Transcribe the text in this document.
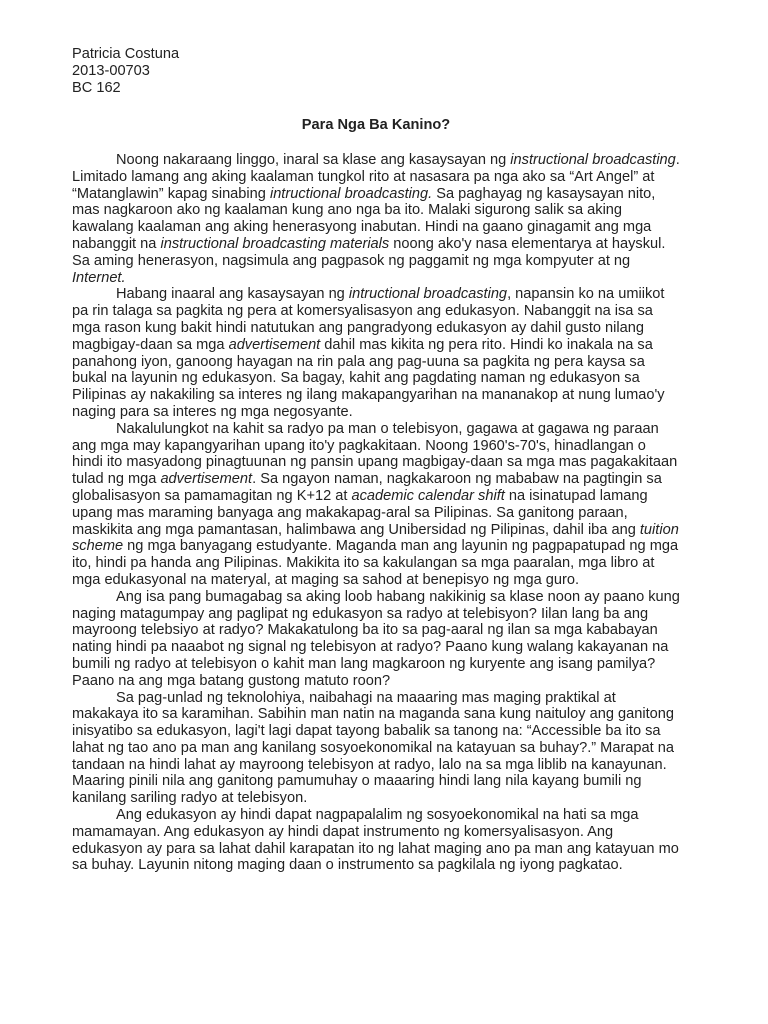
Patricia Costuna

2013-00703

BC 162

Para Nga Ba Kanino?

Noong nakaraang linggo, inaral sa klase ang kasaysayan ng instructional broadcasting. Limitado lamang ang aking kaalaman tungkol rito at nasasara pa nga ako sa “Art Angel” at “Matanglawin” kapag sinabing intructional broadcasting. Sa paghayag ng kasaysayan nito, mas nagkaroon ako ng kaalaman kung ano nga ba ito. Malaki sigurong salik sa aking kawalang kaalaman ang aking henerasyong inabutan. Hindi na gaano ginagamit ang mga nabanggit na instructional broadcasting materials noong ako'y nasa elementarya at hayskul. Sa aming henerasyon, nagsimula ang pagpasok ng paggamit ng mga kompyuter at ng Internet.

Habang inaaral ang kasaysayan ng intructional broadcasting, napansin ko na umiikot pa rin talaga sa pagkita ng pera at komersyalisasyon ang edukasyon. Nabanggit na isa sa mga rason kung bakit hindi natutukan ang pangradyong edukasyon ay dahil gusto nilang magbigay-daan sa mga advertisement dahil mas kikita ng pera rito. Hindi ko inakala na sa panahong iyon, ganoong hayagan na rin pala ang pag-uuna sa pagkita ng pera kaysa sa bukal na layunin ng edukasyon. Sa bagay, kahit ang pagdating naman ng edukasyon sa Pilipinas ay nakakiling sa interes ng ilang makapangyarihan na mananakop at nung lumao'y naging para sa interes ng mga negosyante.

Nakalulungkot na kahit sa radyo pa man o telebisyon, gagawa at gagawa ng paraan ang mga may kapangyarihan upang ito'y pagkakitaan. Noong 1960's-70's, hinadlangan o hindi ito masyadong pinagtuunan ng pansin upang magbigay-daan sa mga mas pagakakitaan tulad ng mga advertisement. Sa ngayon naman, nagkakaroon ng mababaw na pagtingin sa globalisasyon sa pamamagitan ng K+12 at academic calendar shift na isinatupad lamang upang mas maraming banyaga ang makakapag-aral sa Pilipinas. Sa ganitong paraan, maskikita ang mga pamantasan, halimbawa ang Unibersidad ng Pilipinas, dahil iba ang tuition scheme ng mga banyagang estudyante. Maganda man ang layunin ng pagpapatupad ng mga ito, hindi pa handa ang Pilipinas. Makikita ito sa kakulangan sa mga paaralan, mga libro at mga edukasyonal na materyal, at maging sa sahod at benepisyo ng mga guro.

Ang isa pang bumagabag sa aking loob habang nakikinig sa klase noon ay paano kung naging matagumpay ang paglipat ng edukasyon sa radyo at telebisyon? Iilan lang ba ang mayroong telebsiyo at radyo? Makakatulong ba ito sa pag-aaral ng ilan sa mga kababayan nating hindi pa naaabot ng signal ng telebisyon at radyo? Paano kung walang kakayanan na bumili ng radyo at telebisyon o kahit man lang magkaroon ng kuryente ang isang pamilya? Paano na ang mga batang gustong matuto roon?

Sa pag-unlad ng teknolohiya, naibahagi na maaaring mas maging praktikal at makakaya ito sa karamihan. Sabihin man natin na maganda sana kung naituloy ang ganitong inisyatibo sa edukasyon, lagi't lagi dapat tayong babalik sa tanong na: “Accessible ba ito sa lahat ng tao ano pa man ang kanilang sosyoekonomikal na katayuan sa buhay?.” Marapat na tandaan na hindi lahat ay mayroong telebisyon at radyo, lalo na sa mga liblib na kanayunan. Maaring pinili nila ang ganitong pamumuhay o maaaring hindi lang nila kayang bumili ng kanilang sariling radyo at telebisyon.

Ang edukasyon ay hindi dapat nagpapalalim ng sosyoekonomikal na hati sa mga mamamayan. Ang edukasyon ay hindi dapat instrumento ng komersyalisasyon. Ang edukasyon ay para sa lahat dahil karapatan ito ng lahat maging ano pa man ang katayuan mo sa buhay. Layunin nitong maging daan o instrumento sa pagkilala ng iyong pagkatao.
